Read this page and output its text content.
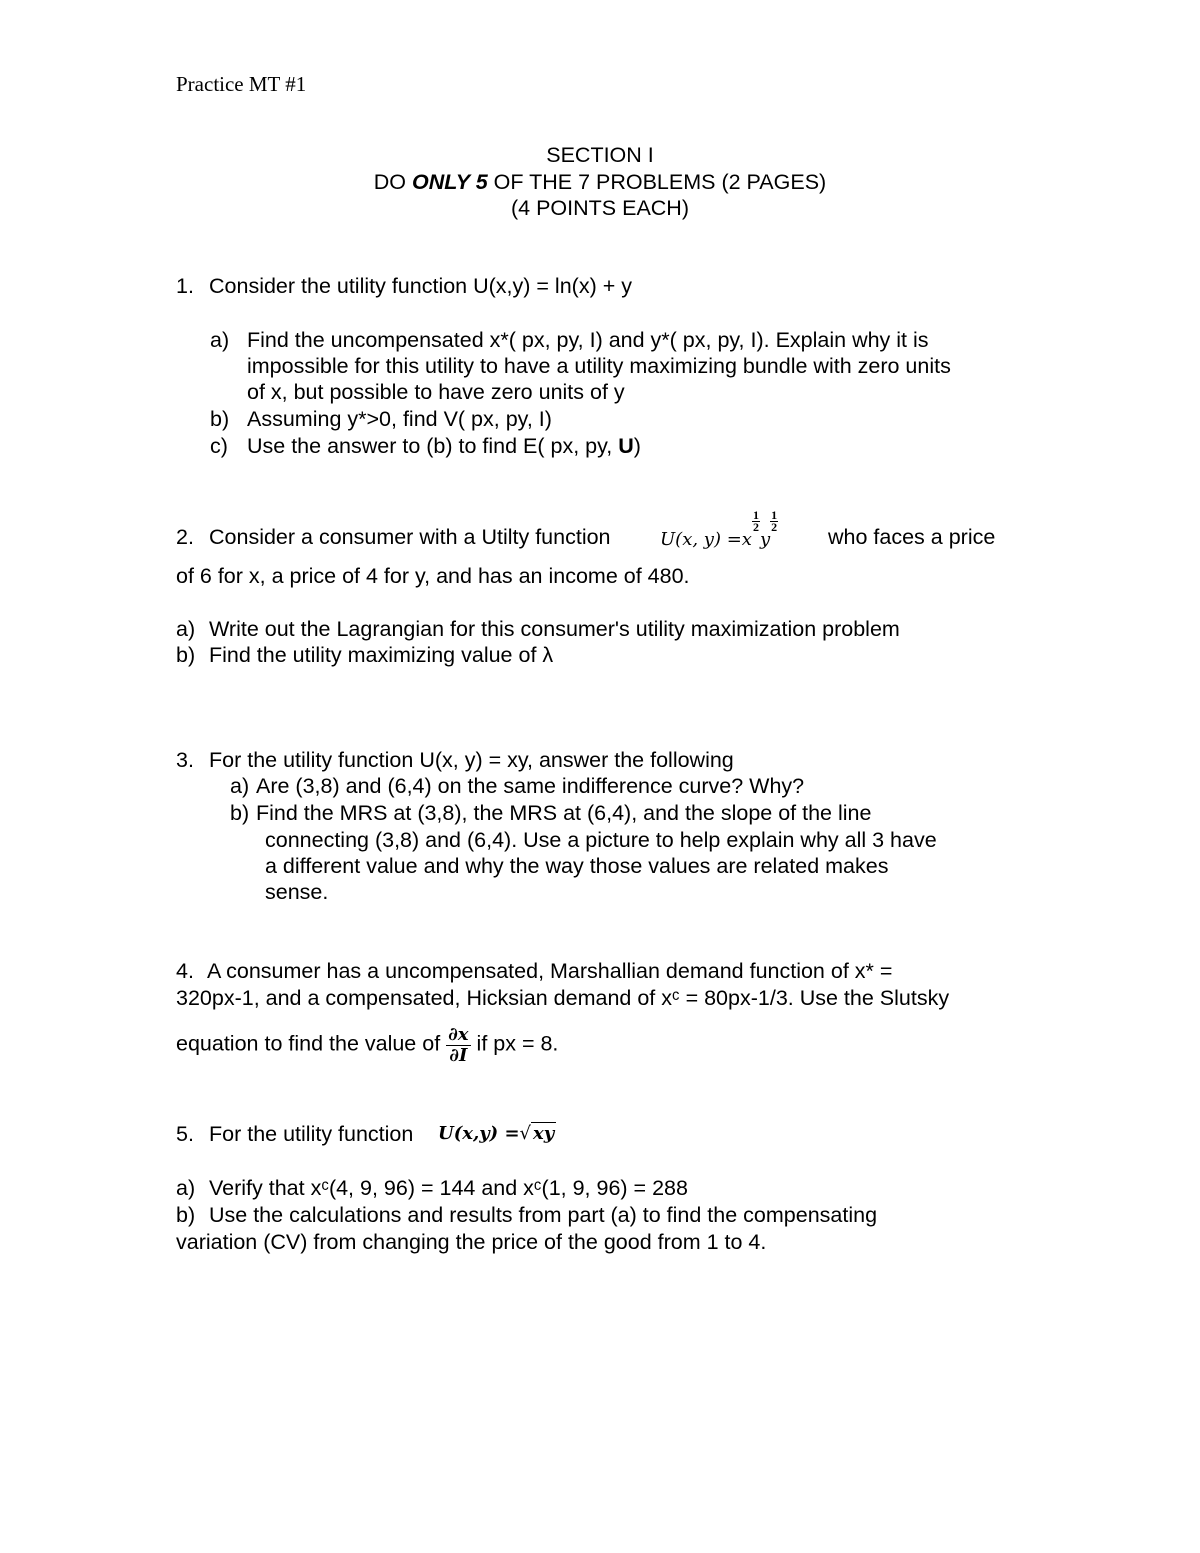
Practice MT #1
SECTION I
DO ONLY 5 OF THE 7 PROBLEMS (2 PAGES)
(4 POINTS EACH)
1. Consider the utility function U(x,y) = ln(x) + y
a) Find the uncompensated x*( px, py, I) and y*( px, py, I). Explain why it is
impossible for this utility to have a utility maximizing bundle with zero units
of x, but possible to have zero units of y
b) Assuming y*>0, find V( px, py, I)
c) Use the answer to (b) to find E( px, py, U)
2. Consider a consumer with a Utilty function	U(x, y) =x
$\frac{1}{2}$
y
$\frac{1}{2}$
who faces a price
of 6 for x, a price of 4 for y, and has an income of 480.
a) Write out the Lagrangian for this consumer's utility maximization problem
b) Find the utility maximizing value of λ
3. For the utility function U(x, y) = xy, answer the following
a) Are (3,8) and (6,4) on the same indifference curve? Why?
b) Find the MRS at (3,8), the MRS at (6,4), and the slope of the line
connecting (3,8) and (6,4). Use a picture to help explain why all 3 have
a different value and why the way those values are related makes
sense.
4. A consumer has a uncompensated, Marshallian demand function of x* =
320px-1, and a compensated, Hicksian demand of xᶜ = 80px-1/3. Use the Slutsky
equation to find the value of $\frac{\partial x}{\partial I}$ if px = 8.
5. For the utility function U(x,y) =√ xy
a) Verify that xᶜ(4, 9, 96) = 144 and xᶜ(1, 9, 96) = 288
b) Use the calculations and results from part (a) to find the compensating
variation (CV) from changing the price of the good from 1 to 4.
